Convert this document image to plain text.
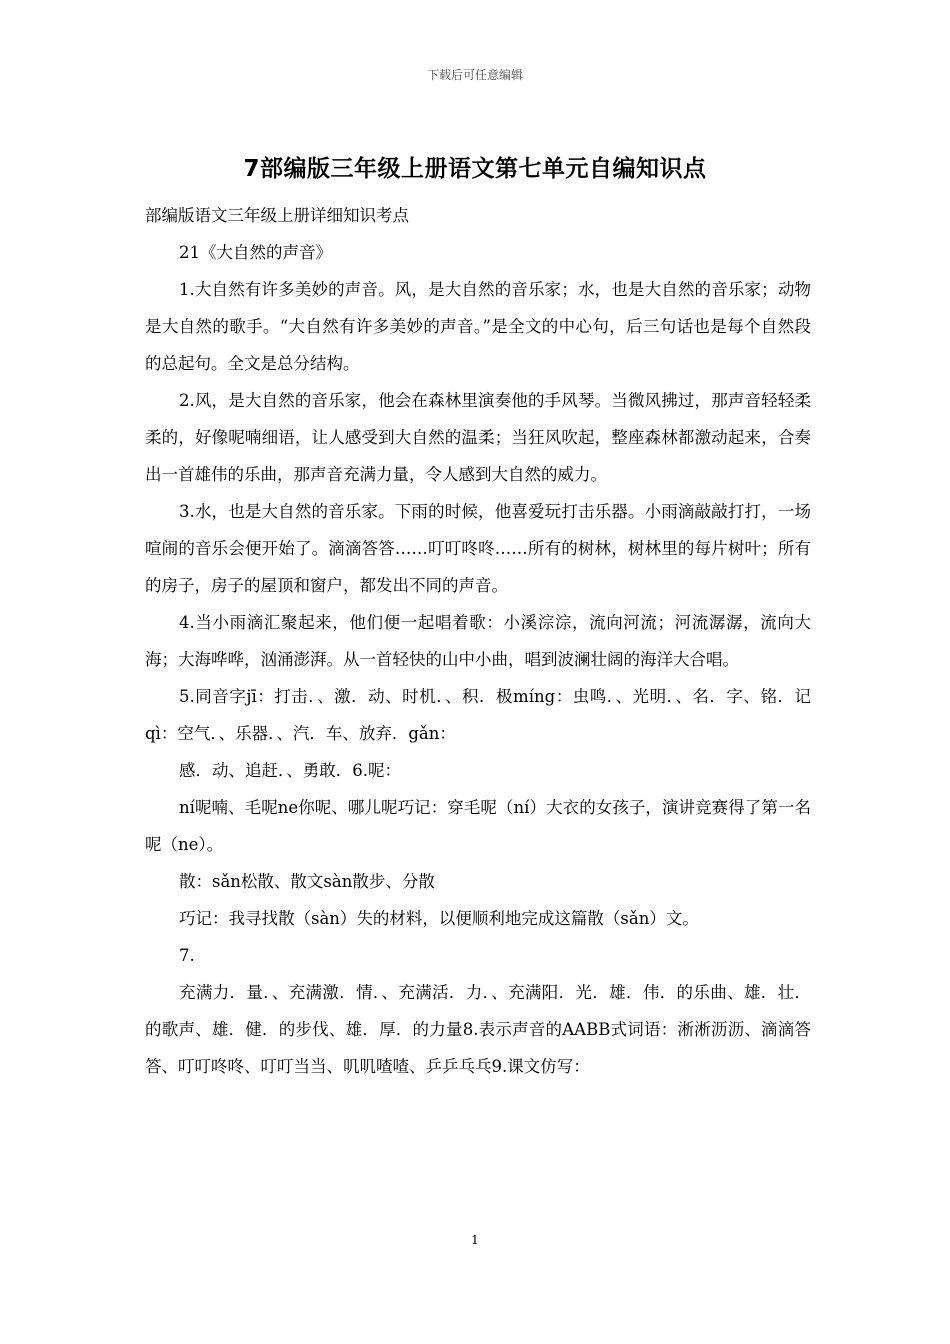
下载后可任意编辑
7部编版三年级上册语文第七单元自编知识点

部编版语文三年级上册详细知识考点

21《大自然的声音》

1.大自然有许多美妙的声音。风，是大自然的音乐家；水，也是大自然的音乐家；动物是大自然的歌手。“大自然有许多美妙的声音。”是全文的中心句，后三句话也是每个自然段的总起句。全文是总分结构。

2.风，是大自然的音乐家，他会在森林里演奏他的手风琴。当微风拂过，那声音轻轻柔柔的，好像呢喃细语，让人感受到大自然的温柔；当狂风吹起，整座森林都激动起来，合奏出一首雄伟的乐曲，那声音充满力量，令人感到大自然的威力。

3.水，也是大自然的音乐家。下雨的时候，他喜爱玩打击乐器。小雨滴敲敲打打，一场喧闹的音乐会便开始了。滴滴答答……叮叮咚咚……所有的树林，树林里的每片树叶；所有的房子，房子的屋顶和窗户，都发出不同的声音。

4.当小雨滴汇聚起来，他们便一起唱着歌：小溪淙淙，流向河流；河流潺潺，流向大海；大海哗哗，汹涌澎湃。从一首轻快的山中小曲，唱到波澜壮阔的海洋大合唱。

5.同音字jī：打击．、激．动、时机．、积．极míng：虫鸣．、光明．、名．字、铭．记qì：空气．、乐器．、汽．车、放弃．gǎn：

感．动、追赶．、勇敢．6.呢：

ní呢喃、毛呢ne你呢、哪儿呢巧记：穿毛呢（ní）大衣的女孩子，演讲竞赛得了第一名呢（ne）。

散：sǎn松散、散文sàn散步、分散

巧记：我寻找散（sàn）失的材料，以便顺利地完成这篇散（sǎn）文。

7.

充满力．量．、充满激．情．、充满活．力．、充满阳．光．雄．伟．的乐曲、雄．壮．的歌声、雄．健．的步伐、雄．厚．的力量8.表示声音的AABB式词语：淅淅沥沥、滴滴答答、叮叮咚咚、叮叮当当、叽叽喳喳、乒乒乓乓9.课文仿写：

1
